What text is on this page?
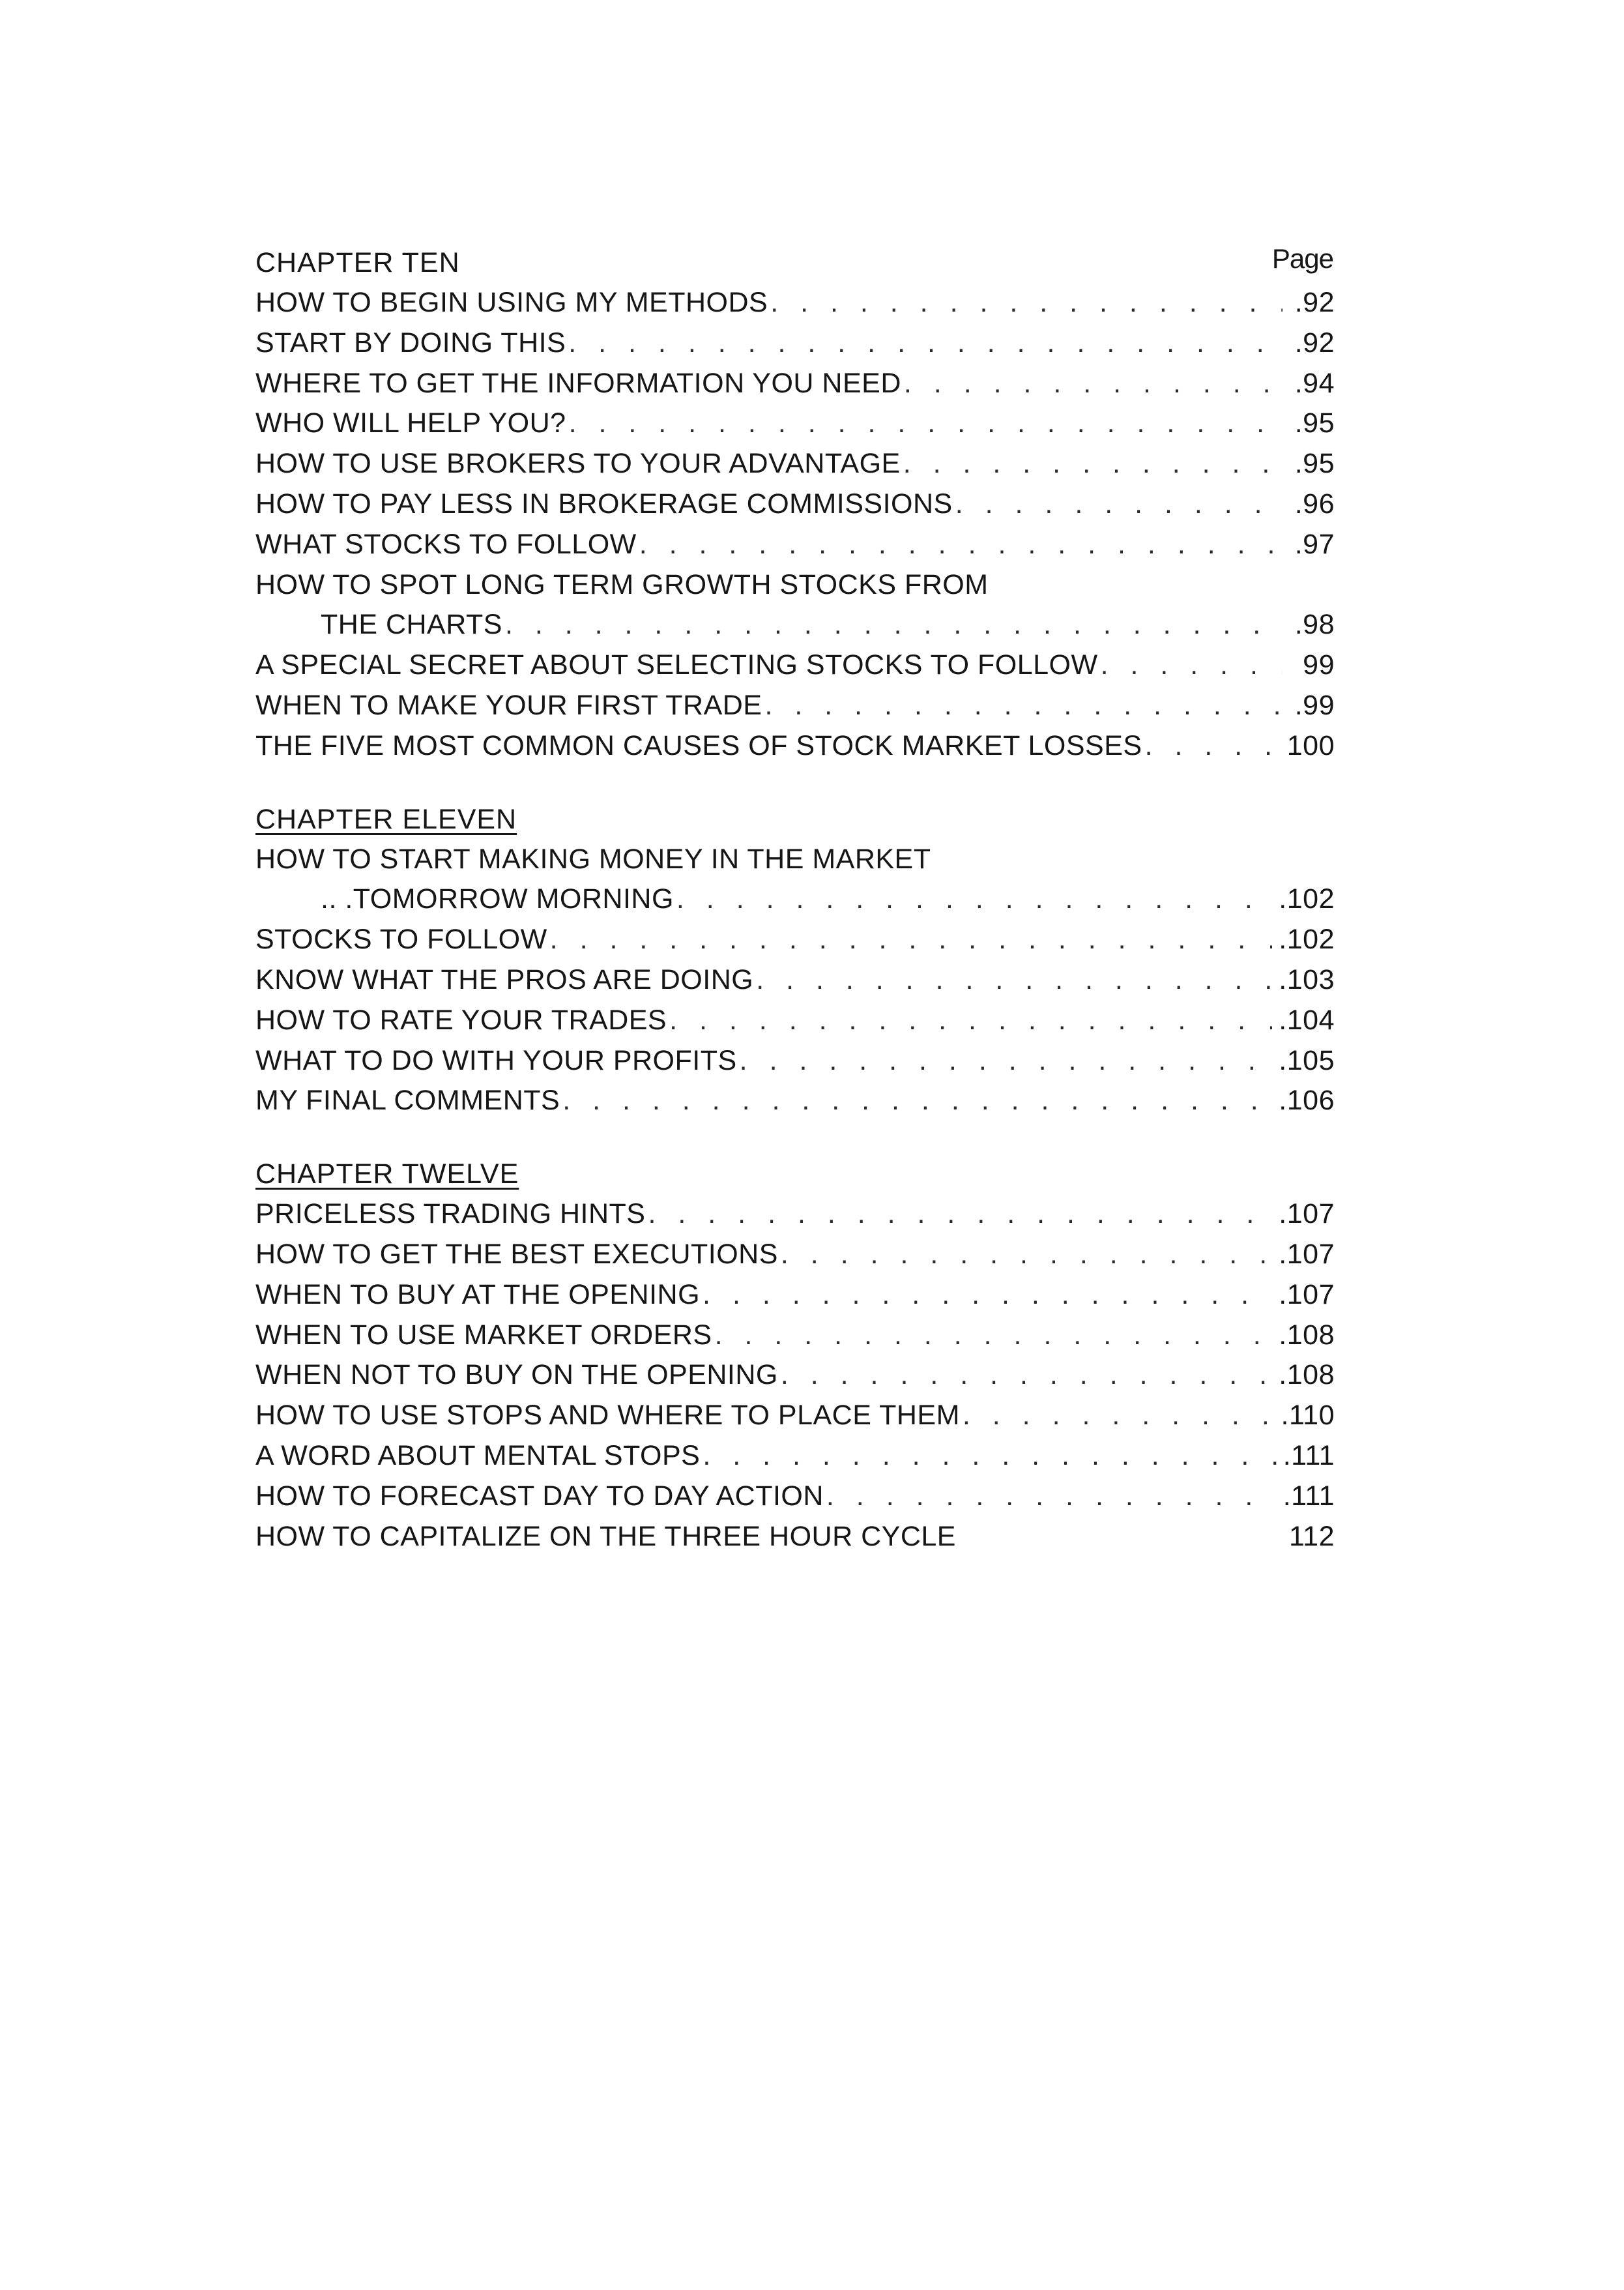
CHAPTER TEN	Page
HOW TO BEGIN USING MY METHODS . . .	.92
START BY DOING THIS . . .	.92
WHERE TO GET THE INFORMATION YOU NEED . . .	.94
WHO WILL HELP YOU? . . .	.95
HOW TO USE BROKERS TO YOUR ADVANTAGE . . .	.95
HOW TO PAY LESS IN BROKERAGE COMMISSIONS . . .	.96
WHAT STOCKS TO FOLLOW . . .	.97
HOW TO SPOT LONG TERM GROWTH STOCKS FROM
THE CHARTS . . .	.98
A SPECIAL SECRET ABOUT SELECTING STOCKS TO FOLLOW . . .	99
WHEN TO MAKE YOUR FIRST TRADE . . .	.99
THE FIVE MOST COMMON CAUSES OF STOCK MARKET LOSSES . . .	100
CHAPTER ELEVEN
HOW TO START MAKING MONEY IN THE MARKET
.. .TOMORROW MORNING . . .	.102
STOCKS TO FOLLOW . . .	.102
KNOW WHAT THE PROS ARE DOING . . .	.103
HOW TO RATE YOUR TRADES . . .	.104
WHAT TO DO WITH YOUR PROFITS . . .	.105
MY FINAL COMMENTS . . .	.106
CHAPTER TWELVE
PRICELESS TRADING HINTS . . .	.107
HOW TO GET THE BEST EXECUTIONS . . .	.107
WHEN TO BUY AT THE OPENING . . .	.107
WHEN TO USE MARKET ORDERS . . .	.108
WHEN NOT TO BUY ON THE OPENING . . .	.108
HOW TO USE STOPS AND WHERE TO PLACE THEM . . .	.110
A WORD ABOUT MENTAL STOPS . . .	.111
HOW TO FORECAST DAY TO DAY ACTION . . .	.111
HOW TO CAPITALIZE ON THE THREE HOUR CYCLE	112
